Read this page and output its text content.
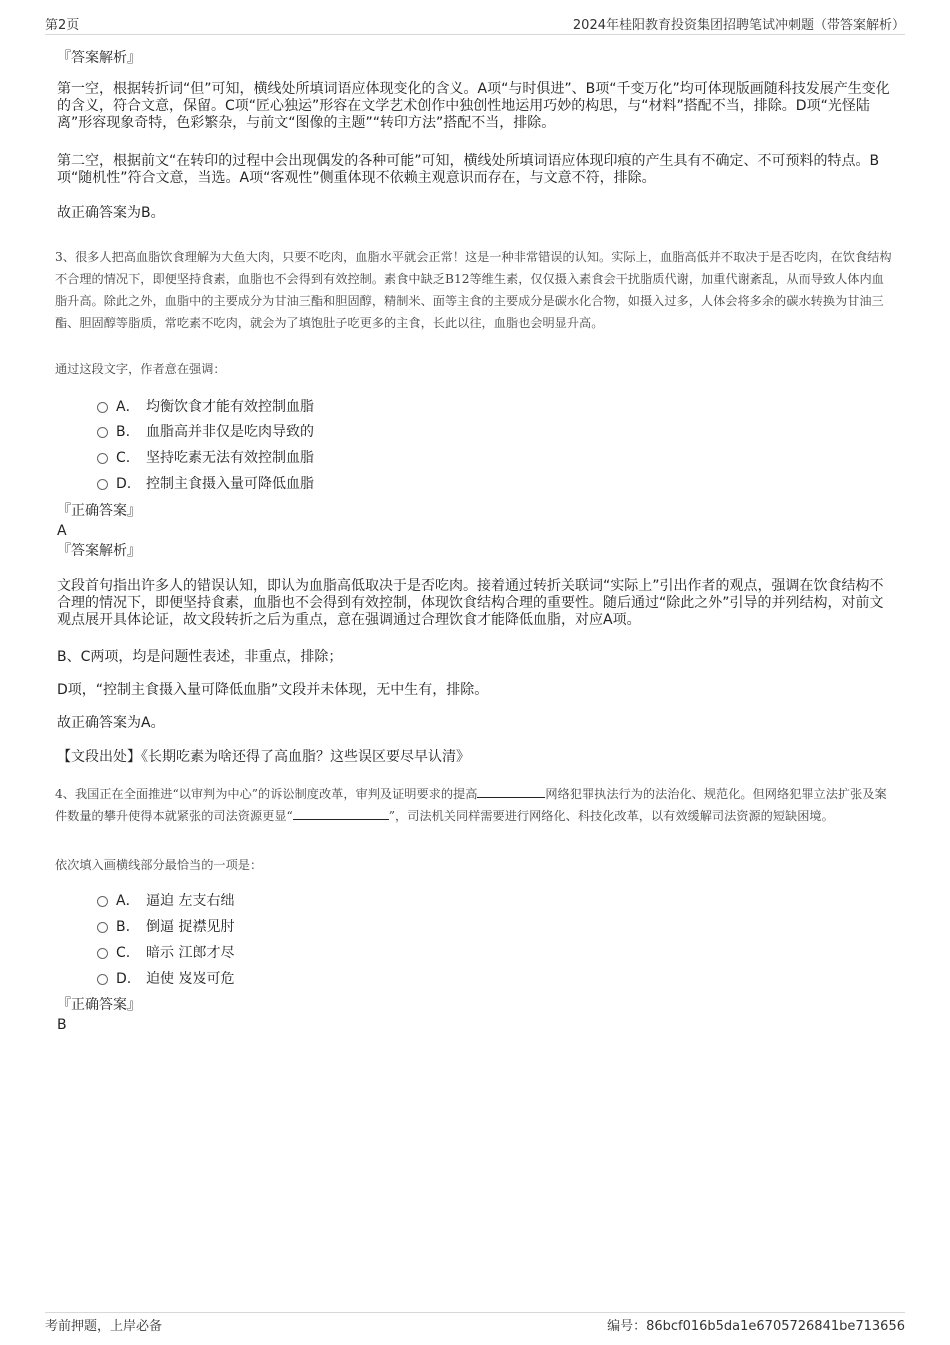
第2页	2024年桂阳教育投资集团招聘笔试冲刺题（带答案解析）
『答案解析』
第一空，根据转折词“但”可知，横线处所填词语应体现变化的含义。A项“与时俱进”、B项“千变万化”均可体现版画随科技发展产生变化的含义，符合文意，保留。C项“匠心独运”形容在文学艺术创作中独创性地运用巧妙的构思，与“材料”搭配不当，排除。D项“光怪陆离”形容现象奇特，色彩繁杂，与前文“图像的主题”“转印方法”搭配不当，排除。
第二空，根据前文“在转印的过程中会出现偶发的各种可能”可知，横线处所填词语应体现印痕的产生具有不确定、不可预料的特点。B项“随机性”符合文意，当选。A项“客观性”侧重体现不依赖主观意识而存在，与文意不符，排除。
故正确答案为B。
3、很多人把高血脂饮食理解为大鱼大肉，只要不吃肉，血脂水平就会正常！这是一种非常错误的认知。实际上，血脂高低并不取决于是否吃肉，在饮食结构不合理的情况下，即便坚持食素，血脂也不会得到有效控制。素食中缺乏B12等维生素，仅仅摄入素食会干扰脂质代谢，加重代谢紊乱，从而导致人体内血脂升高。除此之外，血脂中的主要成分为甘油三酯和胆固醇，精制米、面等主食的主要成分是碳水化合物，如摄入过多，人体会将多余的碳水转换为甘油三酯、胆固醇等脂质，常吃素不吃肉，就会为了填饱肚子吃更多的主食，长此以往，血脂也会明显升高。
通过这段文字，作者意在强调：
A． 均衡饮食才能有效控制血脂
B. 血脂高并非仅是吃肉导致的
C. 坚持吃素无法有效控制血脂
D. 控制主食摄入量可降低血脂
『正确答案』
A
『答案解析』
文段首句指出许多人的错误认知，即认为血脂高低取决于是否吃肉。接着通过转折关联词“实际上”引出作者的观点，强调在饮食结构不合理的情况下，即便坚持食素，血脂也不会得到有效控制，体现饮食结构合理的重要性。随后通过“除此之外”引导的并列结构，对前文观点展开具体论证，故文段转折之后为重点，意在强调通过合理饮食才能降低血脂，对应A项。
B、C两项，均是问题性表述，非重点，排除；
D项，“控制主食摄入量可降低血脂”文段并未体现，无中生有，排除。
故正确答案为A。
【文段出处】《长期吃素为啥还得了高血脂？这些误区要尽早认清》
4、我国正在全面推进“以审判为中心”的诉讼制度改革，审判及证明要求的提高	网络犯罪执法行为的法治化、规范化。但网络犯罪立法扩张及案件数量的攀升使得本就紧张的司法资源更显“	”，司法机关同样需要进行网络化、科技化改革，以有效缓解司法资源的短缺困境。
依次填入画横线部分最恰当的一项是：
A． 逼迫 左支右绌
B. 倒逼 捉襟见肘
C. 暗示 江郎才尽
D. 迫使 岌岌可危
『正确答案』
B
考前押题，上岸必备	编号：86bcf016b5da1e6705726841be713656
